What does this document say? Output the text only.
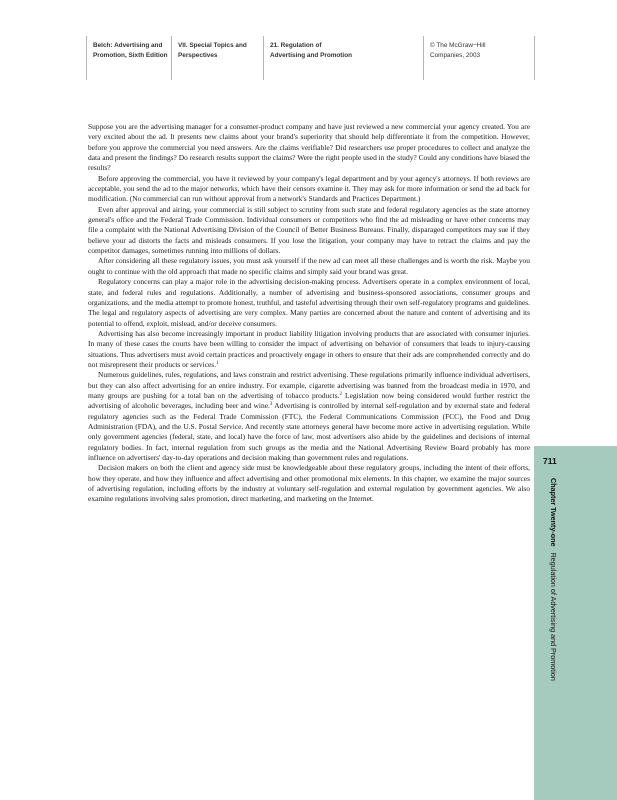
Belch: Advertising and
Promotion, Sixth Edition
VII. Special Topics and
Perspectives
21. Regulation of
Advertising and Promotion
© The McGraw−Hill
Companies, 2003

Suppose you are the advertising manager for a consumer-product company and have just reviewed a new commercial your agency created. You are very excited about the ad. It presents new claims about your brand's superiority that should help differentiate it from the competition. However, before you approve the commercial you need answers. Are the claims verifiable? Did researchers use proper procedures to collect and analyze the data and present the findings? Do research results support the claims? Were the right people used in the study? Could any conditions have biased the results?

Before approving the commercial, you have it reviewed by your company's legal department and by your agency's attorneys. If both reviews are acceptable, you send the ad to the major networks, which have their censors examine it. They may ask for more information or send the ad back for modification. (No commercial can run without approval from a network's Standards and Practices Department.)

Even after approval and airing, your commercial is still subject to scrutiny from such state and federal regulatory agencies as the state attorney general's office and the Federal Trade Commission. Individual consumers or competitors who find the ad misleading or have other concerns may file a complaint with the National Advertising Division of the Council of Better Business Bureaus. Finally, disparaged competitors may sue if they believe your ad distorts the facts and misleads consumers. If you lose the litigation, your company may have to retract the claims and pay the competitor damages, sometimes running into millions of dollars.

After considering all these regulatory issues, you must ask yourself if the new ad can meet all these challenges and is worth the risk. Maybe you ought to continue with the old approach that made no specific claims and simply said your brand was great.

Regulatory concerns can play a major role in the advertising decision-making process. Advertisers operate in a complex environment of local, state, and federal rules and regulations. Additionally, a number of advertising and business-sponsored associations, consumer groups and organizations, and the media attempt to promote honest, truthful, and tasteful advertising through their own self-regulatory programs and guidelines. The legal and regulatory aspects of advertising are very complex. Many parties are concerned about the nature and content of advertising and its potential to offend, exploit, mislead, and/or deceive consumers.

Advertising has also become increasingly important in product liability litigation involving products that are associated with consumer injuries. In many of these cases the courts have been willing to consider the impact of advertising on behavior of consumers that leads to injury-causing situations. Thus advertisers must avoid certain practices and proactively engage in others to ensure that their ads are comprehended correctly and do not misrepresent their products or services.$^1$

Numerous guidelines, rules, regulations, and laws constrain and restrict advertising. These regulations primarily influence individual advertisers, but they can also affect advertising for an entire industry. For example, cigarette advertising was banned from the broadcast media in 1970, and many groups are pushing for a total ban on the advertising of tobacco products.$^2$ Legislation now being considered would further restrict the advertising of alcoholic beverages, including beer and wine.$^3$ Advertising is controlled by internal self-regulation and by external state and federal regulatory agencies such as the Federal Trade Commission (FTC), the Federal Communications Commission (FCC), the Food and Drug Administration (FDA), and the U.S. Postal Service. And recently state attorneys general have become more active in advertising regulation. While only government agencies (federal, state, and local) have the force of law, most advertisers also abide by the guidelines and decisions of internal regulatory bodies. In fact, internal regulation from such groups as the media and the National Advertising Review Board probably has more influence on advertisers' day-to-day operations and decision making than government rules and regulations.

Decision makers on both the client and agency side must be knowledgeable about these regulatory groups, including the intent of their efforts, how they operate, and how they influence and affect advertising and other promotional mix elements. In this chapter, we examine the major sources of advertising regulation, including efforts by the industry at voluntary self-regulation and external regulation by government agencies. We also examine regulations involving sales promotion, direct marketing, and marketing on the Internet.

711
Chapter Twenty-one Regulation of Advertising and Promotion
